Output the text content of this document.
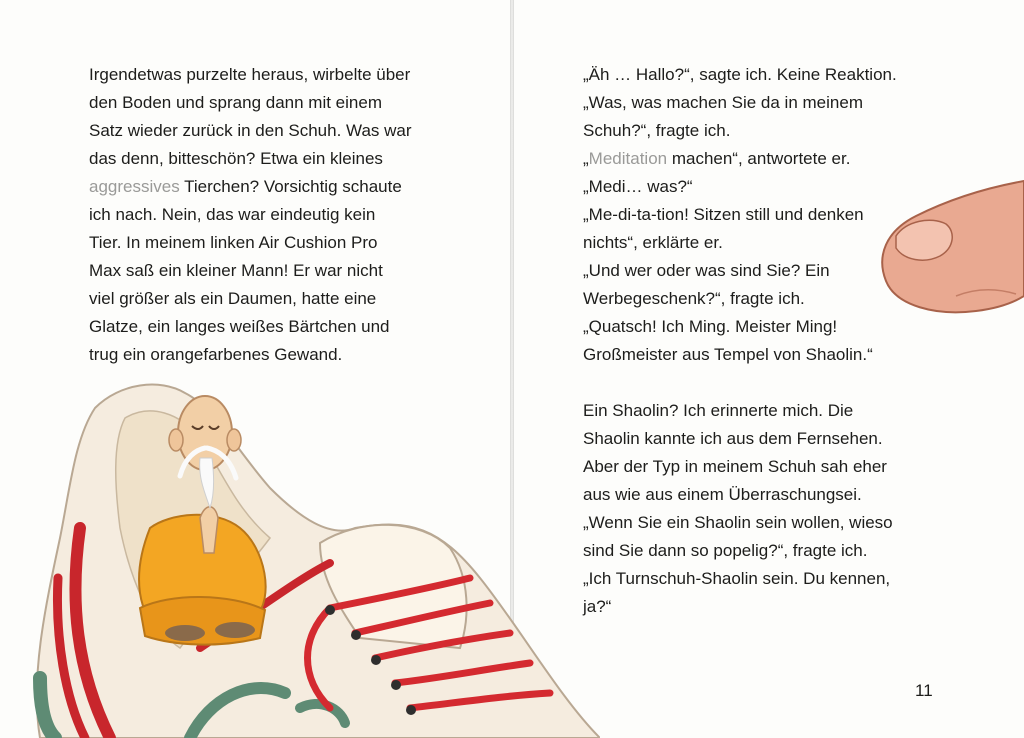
Irgendetwas purzelte heraus, wirbelte über
den Boden und sprang dann mit einem
Satz wieder zurück in den Schuh. Was war
das denn, bitteschön? Etwa ein kleines
aggressives Tierchen? Vorsichtig schaute
ich nach. Nein, das war eindeutig kein
Tier. In meinem linken Air Cushion Pro
Max saß ein kleiner Mann! Er war nicht
viel größer als ein Daumen, hatte eine
Glatze, ein langes weißes Bärtchen und
trug ein orangefarbenes Gewand.
„Äh … Hallo?“, sagte ich. Keine Reaktion.
„Was, was machen Sie da in meinem
Schuh?“, fragte ich.
„Meditation machen“, antwortete er.
„Medi… was?“
„Me-di-ta-tion! Sitzen still und denken
nichts“, erklärte er.
„Und wer oder was sind Sie? Ein
Werbegeschenk?“, fragte ich.
„Quatsch! Ich Ming. Meister Ming!
Großmeister aus Tempel von Shaolin.“
Ein Shaolin? Ich erinnerte mich. Die
Shaolin kannte ich aus dem Fernsehen.
Aber der Typ in meinem Schuh sah eher
aus wie aus einem Überraschungsei.
„Wenn Sie ein Shaolin sein wollen, wieso
sind Sie dann so popelig?“, fragte ich.
„Ich Turnschuh-Shaolin sein. Du kennen,
ja?“
11
